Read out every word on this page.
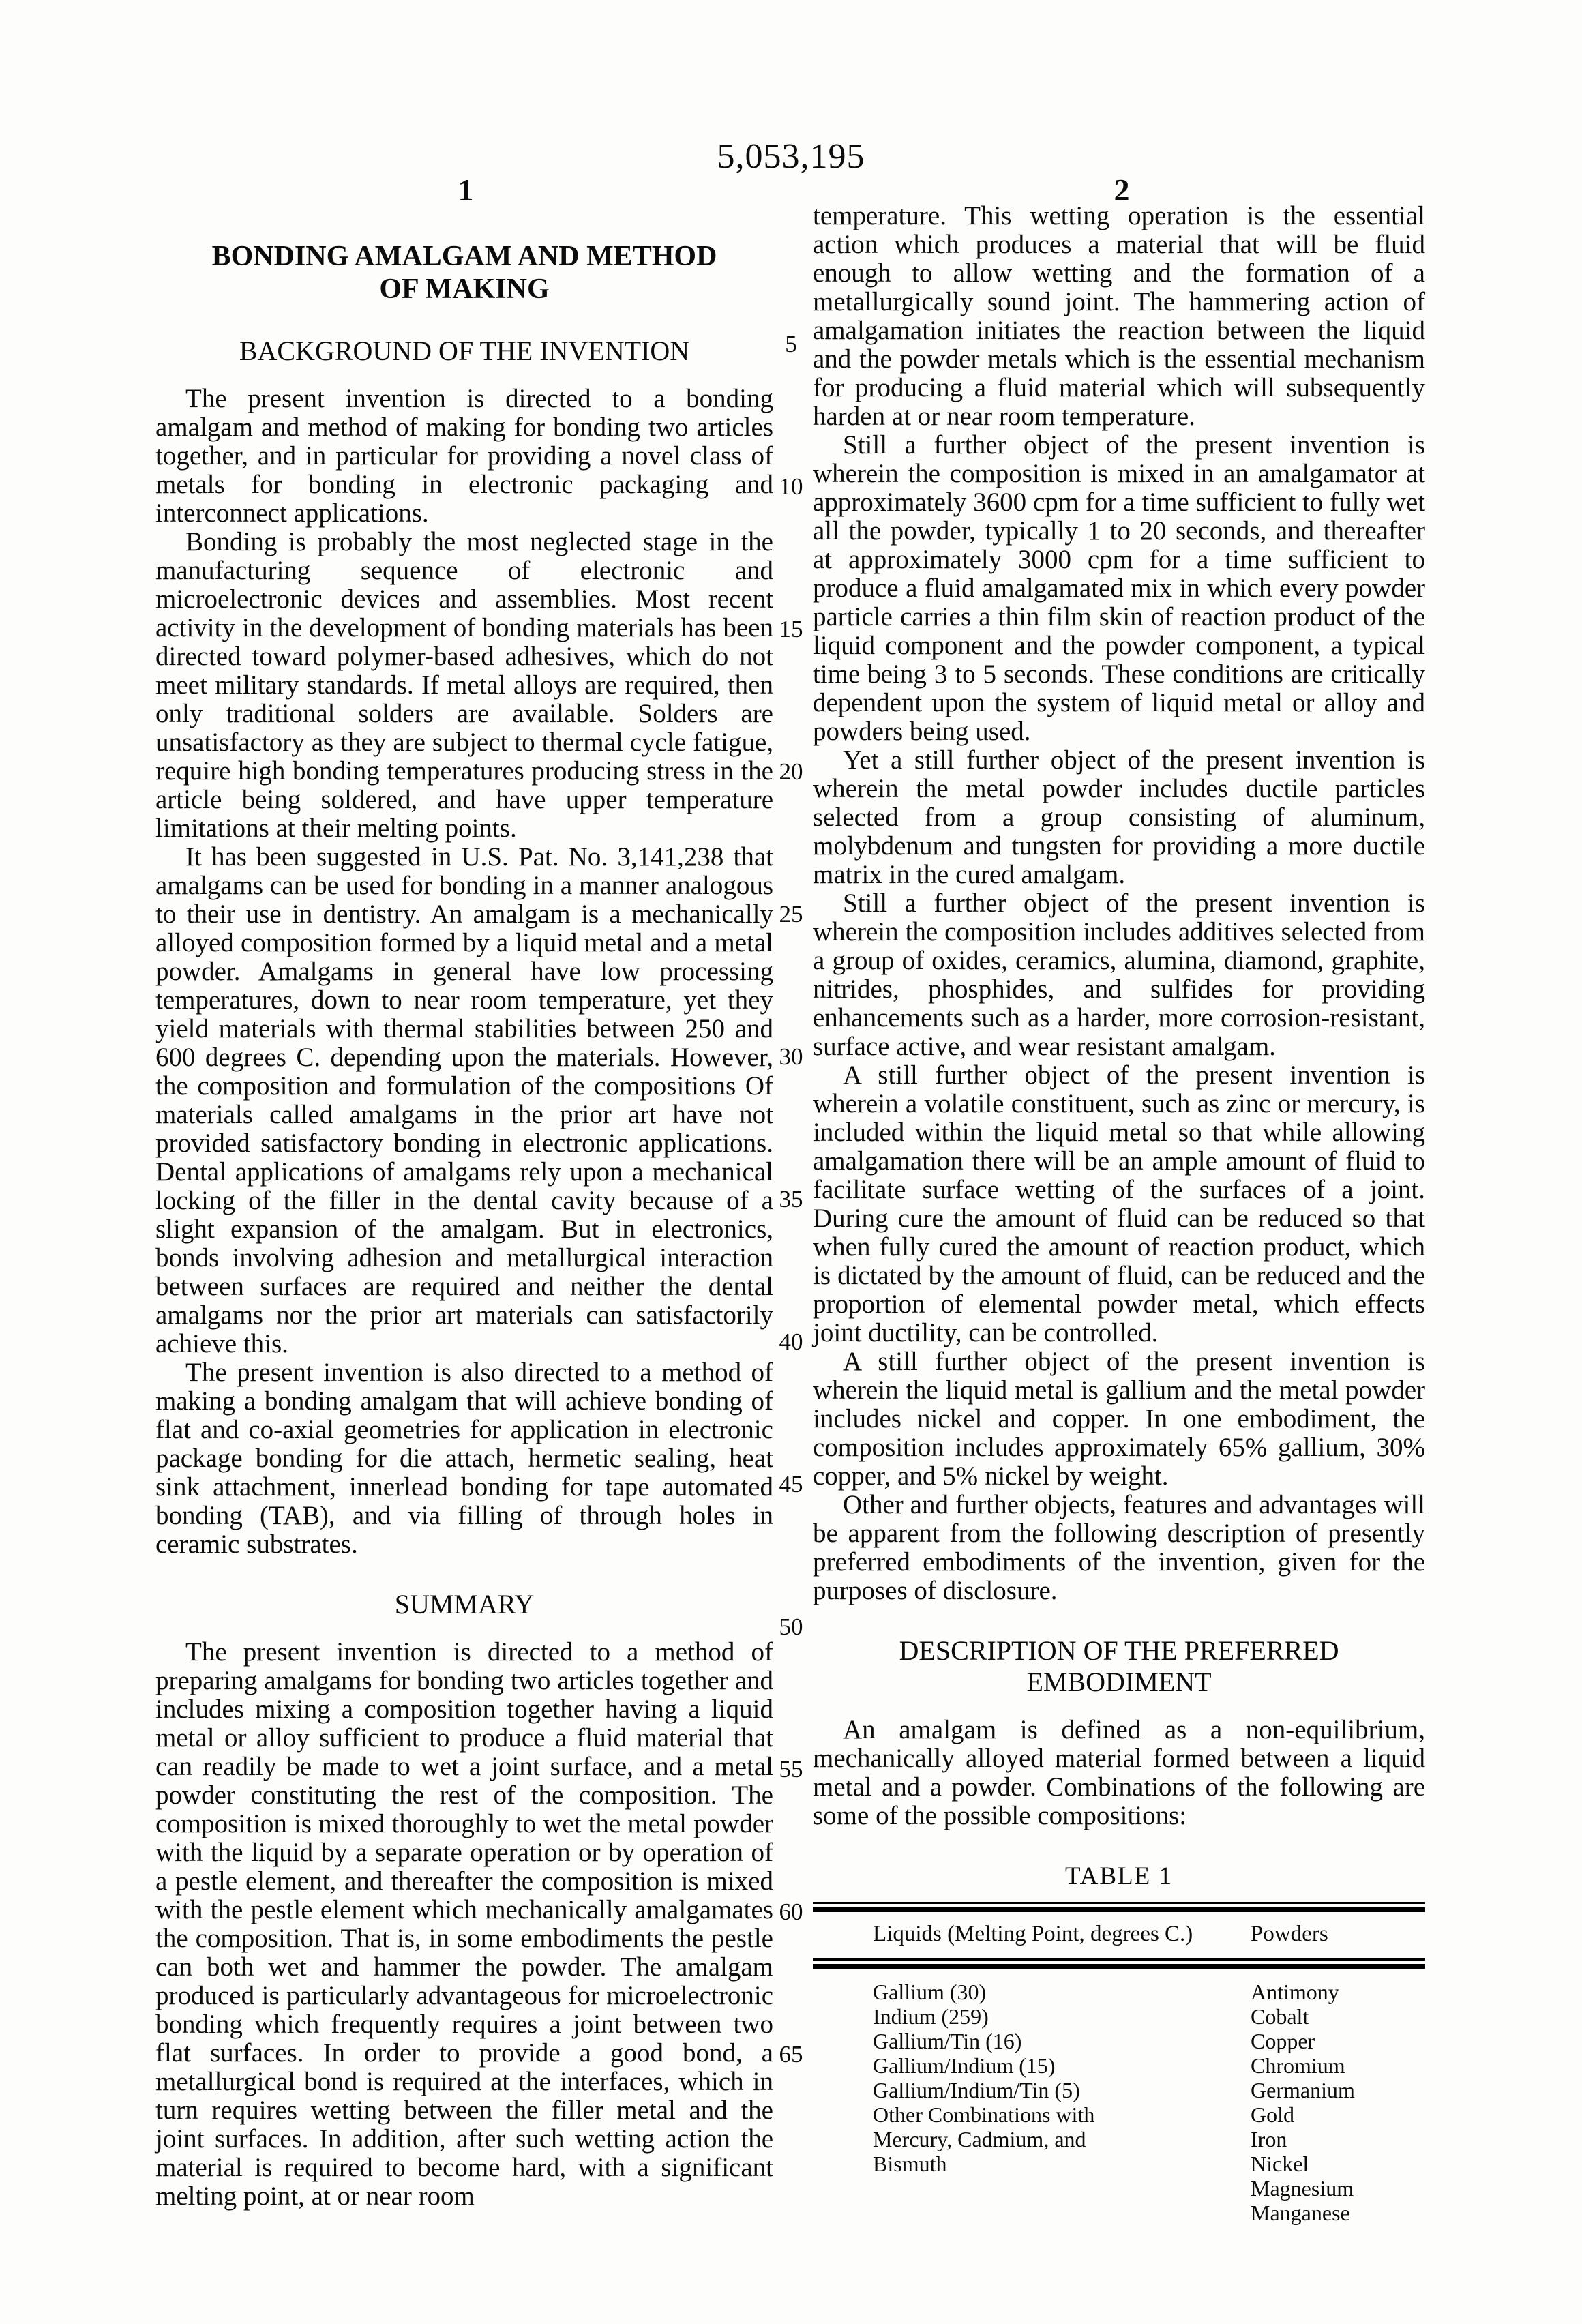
5,053,195
1	2
BONDING AMALGAM AND METHOD OF MAKING
BACKGROUND OF THE INVENTION

The present invention is directed to a bonding amalgam and method of making for bonding two articles together, and in particular for providing a novel class of metals for bonding in electronic packaging and interconnect applications.

Bonding is probably the most neglected stage in the manufacturing sequence of electronic and microelectronic devices and assemblies. Most recent activity in the development of bonding materials has been directed toward polymer-based adhesives, which do not meet military standards. If metal alloys are required, then only traditional solders are available. Solders are unsatisfactory as they are subject to thermal cycle fatigue, require high bonding temperatures producing stress in the article being soldered, and have upper temperature limitations at their melting points.

It has been suggested in U.S. Pat. No. 3,141,238 that amalgams can be used for bonding in a manner analogous to their use in dentistry. An amalgam is a mechanically alloyed composition formed by a liquid metal and a metal powder. Amalgams in general have low processing temperatures, down to near room temperature, yet they yield materials with thermal stabilities between 250 and 600 degrees C. depending upon the materials. However, the composition and formulation of the compositions Of materials called amalgams in the prior art have not provided satisfactory bonding in electronic applications. Dental applications of amalgams rely upon a mechanical locking of the filler in the dental cavity because of a slight expansion of the amalgam. But in electronics, bonds involving adhesion and metallurgical interaction between surfaces are required and neither the dental amalgams nor the prior art materials can satisfactorily achieve this.

The present invention is also directed to a method of making a bonding amalgam that will achieve bonding of flat and co-axial geometries for application in electronic package bonding for die attach, hermetic sealing, heat sink attachment, innerlead bonding for tape automated bonding (TAB), and via filling of through holes in ceramic substrates.

SUMMARY

The present invention is directed to a method of preparing amalgams for bonding two articles together and includes mixing a composition together having a liquid metal or alloy sufficient to produce a fluid material that can readily be made to wet a joint surface, and a metal powder constituting the rest of the composition. The composition is mixed thoroughly to wet the metal powder with the liquid by a separate operation or by operation of a pestle element, and thereafter the composition is mixed with the pestle element which mechanically amalgamates the composition. That is, in some embodiments the pestle can both wet and hammer the powder. The amalgam produced is particularly advantageous for microelectronic bonding which frequently requires a joint between two flat surfaces. In order to provide a good bond, a metallurgical bond is required at the interfaces, which in turn requires wetting between the filler metal and the joint surfaces. In addition, after such wetting action the material is required to become hard, with a significant melting point, at or near room

5
10
15
20
25
30
35
40
45
50
55
60
65

temperature. This wetting operation is the essential action which produces a material that will be fluid enough to allow wetting and the formation of a metallurgically sound joint. The hammering action of amalgamation initiates the reaction between the liquid and the powder metals which is the essential mechanism for producing a fluid material which will subsequently harden at or near room temperature.

Still a further object of the present invention is wherein the composition is mixed in an amalgamator at approximately 3600 cpm for a time sufficient to fully wet all the powder, typically 1 to 20 seconds, and thereafter at approximately 3000 cpm for a time sufficient to produce a fluid amalgamated mix in which every powder particle carries a thin film skin of reaction product of the liquid component and the powder component, a typical time being 3 to 5 seconds. These conditions are critically dependent upon the system of liquid metal or alloy and powders being used.

Yet a still further object of the present invention is wherein the metal powder includes ductile particles selected from a group consisting of aluminum, molybdenum and tungsten for providing a more ductile matrix in the cured amalgam.

Still a further object of the present invention is wherein the composition includes additives selected from a group of oxides, ceramics, alumina, diamond, graphite, nitrides, phosphides, and sulfides for providing enhancements such as a harder, more corrosion-resistant, surface active, and wear resistant amalgam.

A still further object of the present invention is wherein a volatile constituent, such as zinc or mercury, is included within the liquid metal so that while allowing amalgamation there will be an ample amount of fluid to facilitate surface wetting of the surfaces of a joint. During cure the amount of fluid can be reduced so that when fully cured the amount of reaction product, which is dictated by the amount of fluid, can be reduced and the proportion of elemental powder metal, which effects joint ductility, can be controlled.

A still further object of the present invention is wherein the liquid metal is gallium and the metal powder includes nickel and copper. In one embodiment, the composition includes approximately 65% gallium, 30% copper, and 5% nickel by weight.

Other and further objects, features and advantages will be apparent from the following description of presently preferred embodiments of the invention, given for the purposes of disclosure.

DESCRIPTION OF THE PREFERRED EMBODIMENT

An amalgam is defined as a non-equilibrium, mechanically alloyed material formed between a liquid metal and a powder. Combinations of the following are some of the possible compositions:

TABLE 1
Liquids (Melting Point, degrees C.)	Powders
Gallium (30)
Indium (259)
Gallium/Tin (16)
Gallium/Indium (15)
Gallium/Indium/Tin (5)
Other Combinations with
Mercury, Cadmium, and
Bismuth
Antimony
Cobalt
Copper
Chromium
Germanium
Gold
Iron
Nickel
Magnesium
Manganese
